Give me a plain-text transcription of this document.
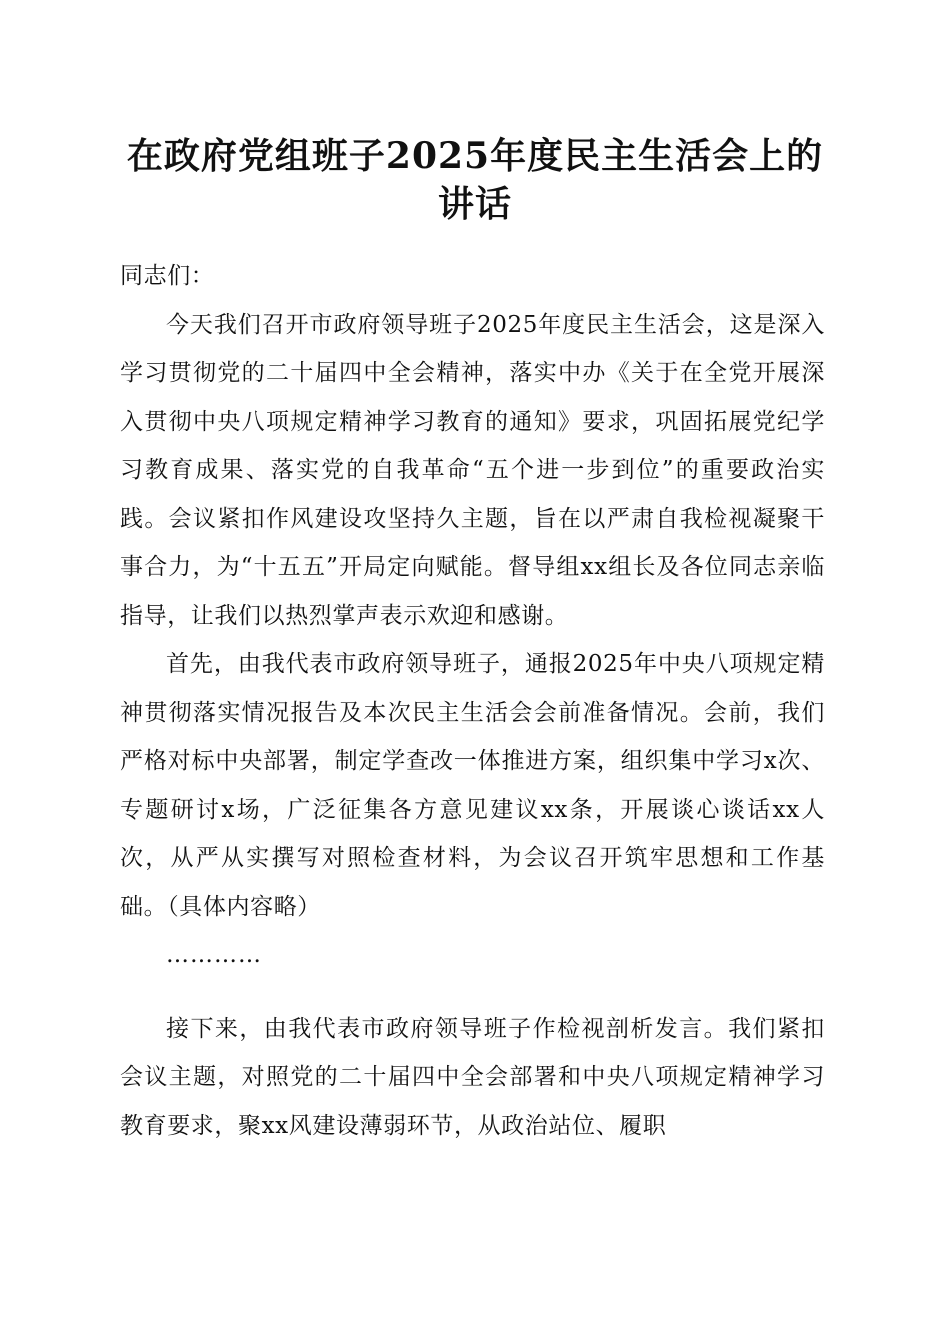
在政府党组班子2025年度民主生活会上的讲话

同志们：

今天我们召开市政府领导班子2025年度民主生活会，这是深入学习贯彻党的二十届四中全会精神，落实中办《关于在全党开展深入贯彻中央八项规定精神学习教育的通知》要求，巩固拓展党纪学习教育成果、落实党的自我革命“五个进一步到位”的重要政治实践。会议紧扣作风建设攻坚持久主题，旨在以严肃自我检视凝聚干事合力，为“十五五”开局定向赋能。督导组xx组长及各位同志亲临指导，让我们以热烈掌声表示欢迎和感谢。

首先，由我代表市政府领导班子，通报2025年中央八项规定精神贯彻落实情况报告及本次民主生活会会前准备情况。会前，我们严格对标中央部署，制定学查改一体推进方案，组织集中学习x次、专题研讨x场，广泛征集各方意见建议xx条，开展谈心谈话xx人次，从严从实撰写对照检查材料，为会议召开筑牢思想和工作基础。（具体内容略）

…………

接下来，由我代表市政府领导班子作检视剖析发言。我们紧扣会议主题，对照党的二十届四中全会部署和中央八项规定精神学习教育要求，聚xx风建设薄弱环节，从政治站位、履职
